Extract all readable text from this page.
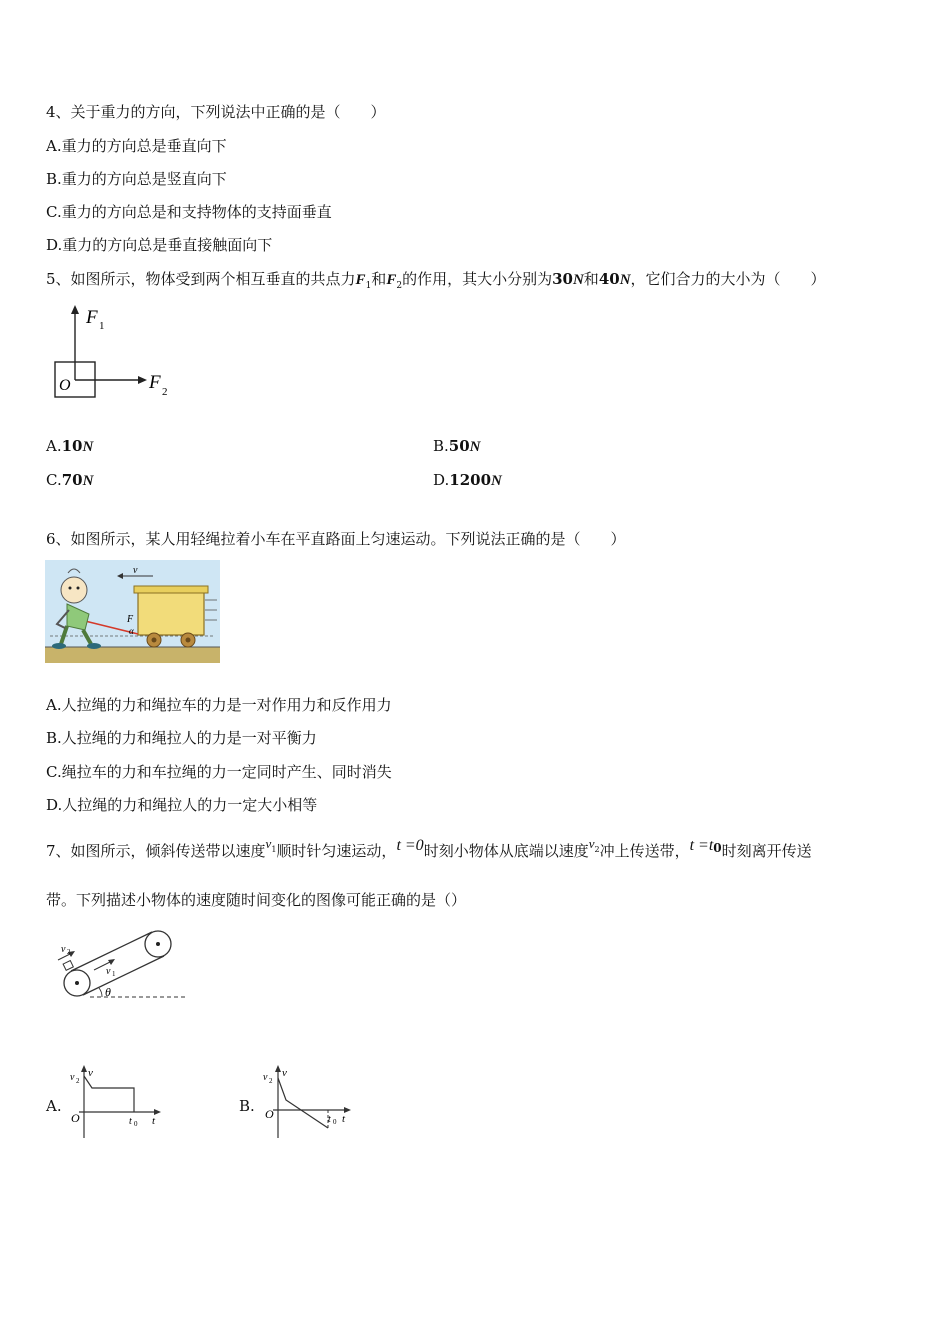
4、关于重力的方向，下列说法中正确的是（　　）
A.重力的方向总是垂直向下
B.重力的方向总是竖直向下
C.重力的方向总是和支持物体的支持面垂直
D.重力的方向总是垂直接触面向下
5、如图所示，物体受到两个相互垂直的共点力$F_1$和$F_2$的作用，其大小分别为30N和40N，它们合力的大小为（　　）
F 1
F 2
O
A.10N	B.50N
C.70N	D.1200N
6、如图所示，某人用轻绳拉着小车在平直路面上匀速运动。下列说法正确的是（　　）
v
F
α
A.人拉绳的力和绳拉车的力是一对作用力和反作用力
B.人拉绳的力和绳拉人的力是一对平衡力
C.绳拉车的力和车拉绳的力一定同时产生、同时消失
D.人拉绳的力和绳拉人的力一定大小相等
7、如图所示，倾斜传送带以速度$v_1$顺时针匀速运动，t =0时刻小物体从底端以速度$v_2$冲上传送带，$t =t^0$时刻离开传送
带。下列描述小物体的速度随时间变化的图像可能正确的是（）
θ
v 2
v 1
A.
v
v 2
O	t 0 t
B.
v
v 2
O	t 0 t
